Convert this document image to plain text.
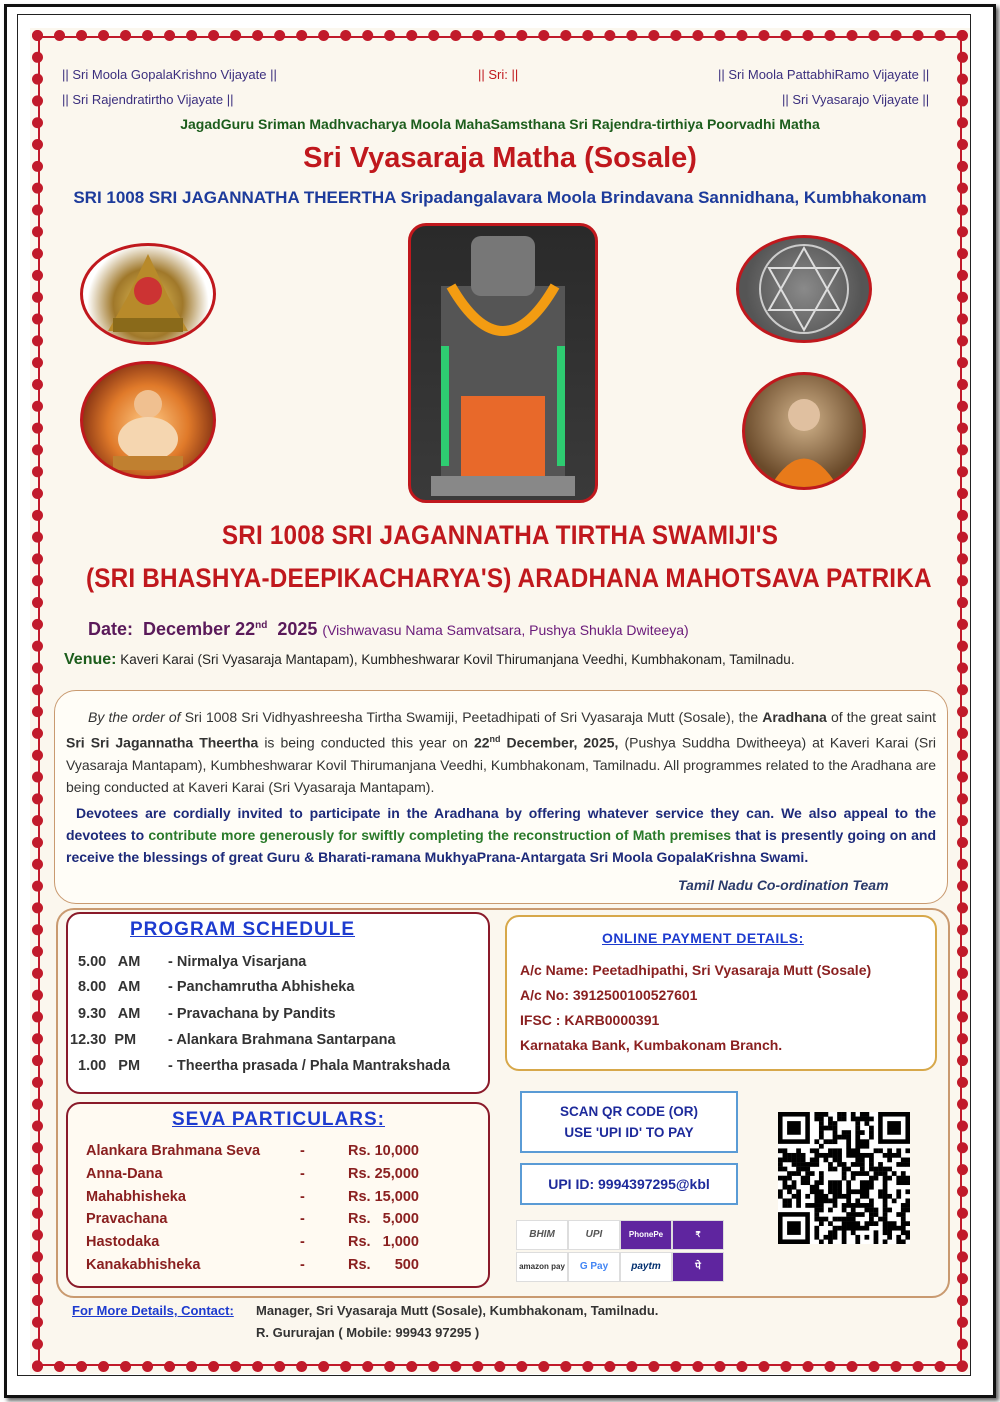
|| Sri Moola GopalaKrishno Vijayate ||	|| Sri: ||	|| Sri Moola PattabhiRamo Vijayate ||
|| Sri Rajendratirtho Vijayate ||	|| Sri Vyasarajo Vijayate ||
JagadGuru Sriman Madhvacharya Moola MahaSamsthana Sri Rajendra-tirthiya Poorvadhi Matha
Sri Vyasaraja Matha (Sosale)
SRI 1008 SRI JAGANNATHA THEERTHA Sripadangalavara Moola Brindavana Sannidhana, Kumbhakonam
SRI 1008 SRI JAGANNATHA TIRTHA SWAMIJI'S
(SRI BHASHYA-DEEPIKACHARYA'S) ARADHANA MAHOTSAVA PATRIKA
Date: December 22nd 2025 (Vishwavasu Nama Samvatsara, Pushya Shukla Dwiteeya)
Venue: Kaveri Karai (Sri Vyasaraja Mantapam), Kumbheshwarar Kovil Thirumanjana Veedhi, Kumbhakonam, Tamilnadu.
By the order of Sri 1008 Sri Vidhyashreesha Tirtha Swamiji, Peetadhipati of Sri Vyasaraja Mutt (Sosale), the Aradhana of the great saint Sri Sri Jagannatha Theertha is being conducted this year on 22nd December, 2025, (Pushya Suddha Dwitheeya) at Kaveri Karai (Sri Vyasaraja Mantapam), Kumbheshwarar Kovil Thirumanjana Veedhi, Kumbhakonam, Tamilnadu. All programmes related to the Aradhana are being conducted at Kaveri Karai (Sri Vyasaraja Mantapam).
Devotees are cordially invited to participate in the Aradhana by offering whatever service they can. We also appeal to the devotees to contribute more generously for swiftly completing the reconstruction of Math premises that is presently going on and receive the blessings of great Guru & Bharati-ramana MukhyaPrana-Antargata Sri Moola GopalaKrishna Swami.
Tamil Nadu Co-ordination Team
PROGRAM SCHEDULE
5.00   AM - Nirmalya Visarjana
8.00   AM - Panchamrutha Abhisheka
9.30   AM - Pravachana by Pandits
12.30  PM - Alankara Brahmana Santarpana
1.00   PM - Theertha prasada / Phala Mantrakshada
ONLINE PAYMENT DETAILS:
A/c Name: Peetadhipathi, Sri Vyasaraja Mutt (Sosale)
A/c No: 3912500100527601
IFSC : KARB0000391
Karnataka Bank, Kumbakonam Branch.
SCAN QR CODE (OR)
USE 'UPI ID' TO PAY
UPI ID: 9994397295@kbl
BHIM	UPI	PhonePe	₹
amazon pay	G Pay	paytm	पे
SEVA PARTICULARS:
Alankara Brahmana Seva	-	Rs. 10,000
Anna-Dana	-	Rs. 25,000
Mahabhisheka	-	Rs. 15,000
Pravachana	-	Rs.   5,000
Hastodaka	-	Rs.   1,000
Kanakabhisheka	-	Rs.      500
For More Details, Contact: Manager, Sri Vyasaraja Mutt (Sosale), Kumbhakonam, Tamilnadu.
R. Gururajan ( Mobile: 99943 97295 )
